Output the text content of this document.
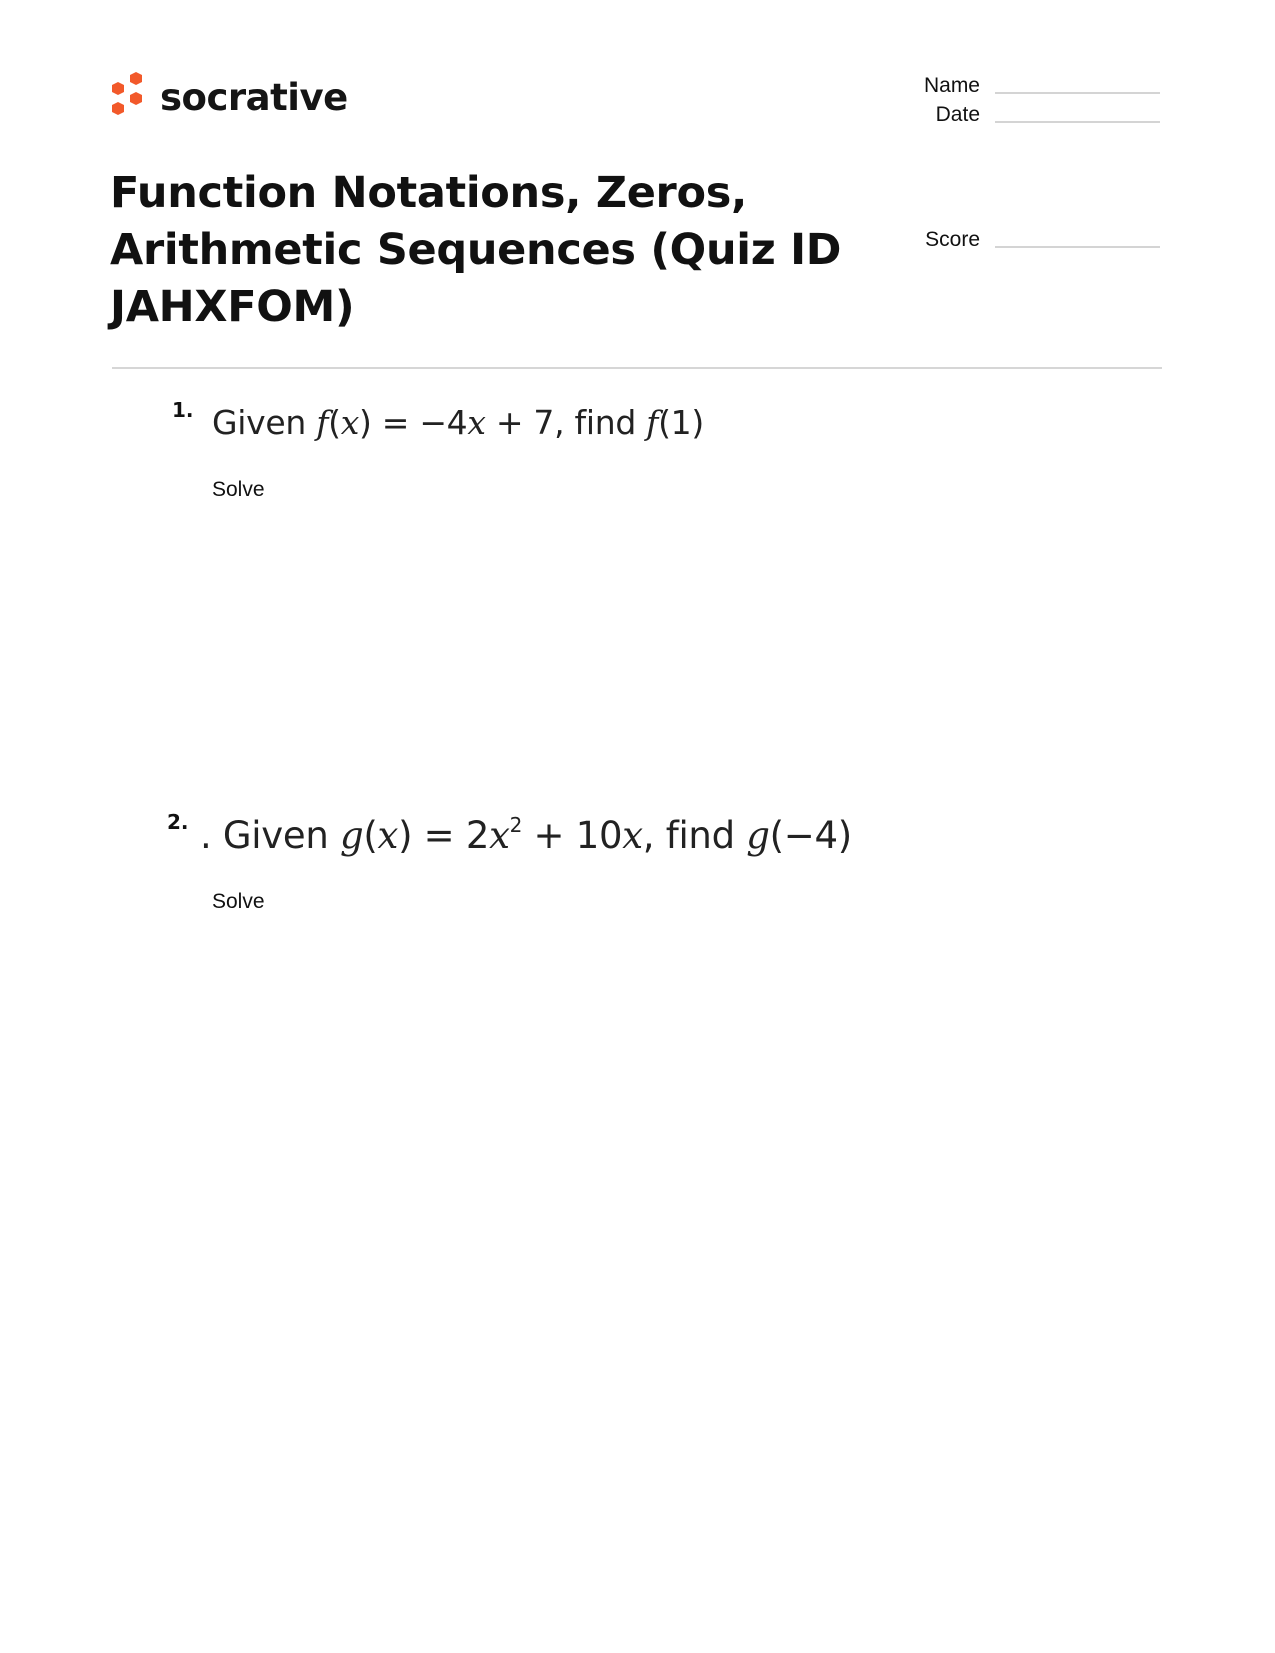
socrative	Name
Date
Score
Function Notations, Zeros, Arithmetic Sequences (Quiz ID JAHXFOM)
1. Given f(x) = −4x + 7, find f(1)
Solve
2. . Given $g(x) = 2x^2 + 10x$, find g(−4)
Solve
